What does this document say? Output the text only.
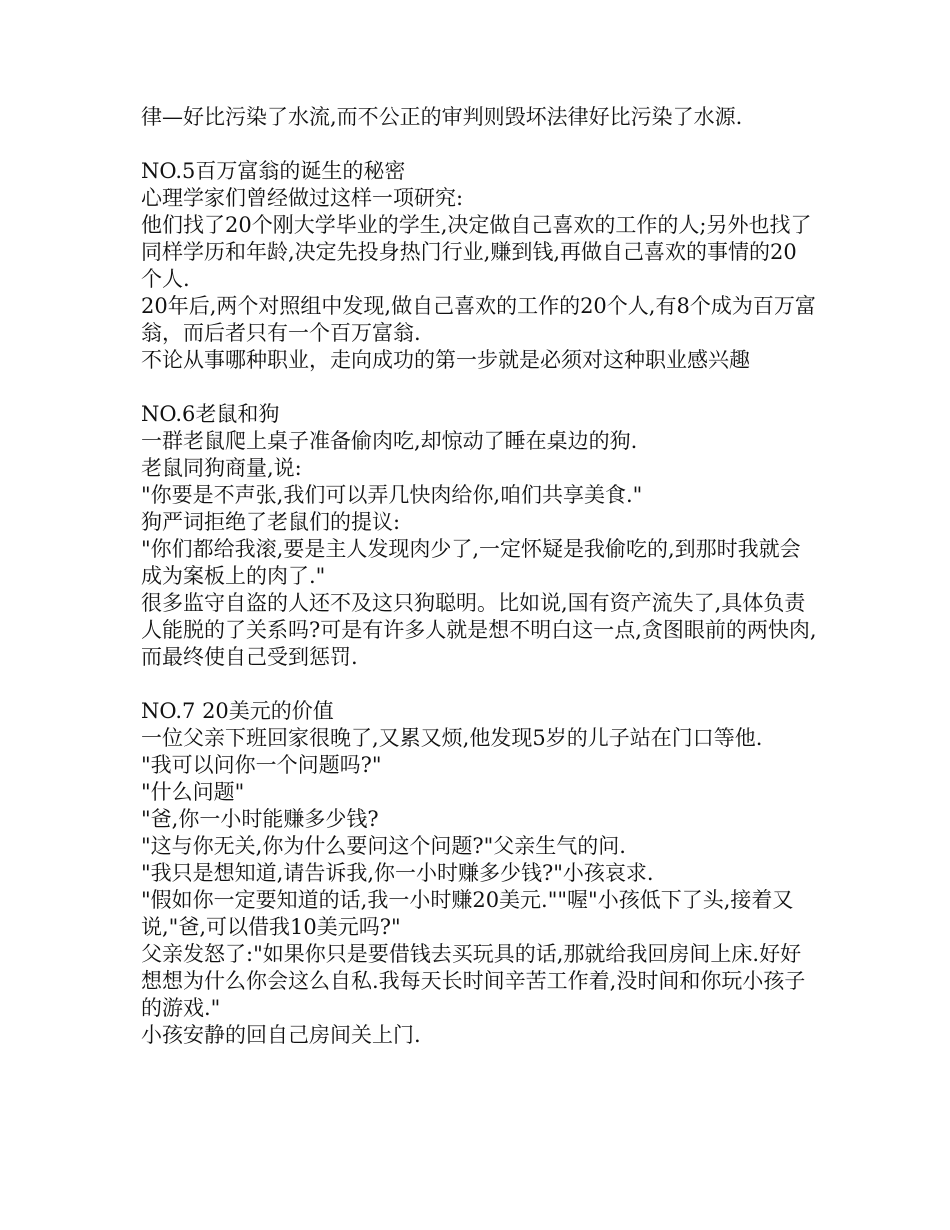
律—好比污染了水流,而不公正的审判则毁坏法律好比污染了水源.
NO.5百万富翁的诞生的秘密
心理学家们曾经做过这样一项研究:
他们找了20个刚大学毕业的学生,决定做自己喜欢的工作的人;另外也找了
同样学历和年龄,决定先投身热门行业,赚到钱,再做自己喜欢的事情的20
个人.
20年后,两个对照组中发现,做自己喜欢的工作的20个人,有8个成为百万富
翁，而后者只有一个百万富翁.
不论从事哪种职业，走向成功的第一步就是必须对这种职业感兴趣
NO.6老鼠和狗
一群老鼠爬上桌子准备偷肉吃,却惊动了睡在桌边的狗.
老鼠同狗商量,说:
"你要是不声张,我们可以弄几快肉给你,咱们共享美食."
狗严词拒绝了老鼠们的提议:
"你们都给我滚,要是主人发现肉少了,一定怀疑是我偷吃的,到那时我就会
成为案板上的肉了."
很多监守自盗的人还不及这只狗聪明。比如说,国有资产流失了,具体负责
人能脱的了关系吗?可是有许多人就是想不明白这一点,贪图眼前的两快肉,
而最终使自己受到惩罚.
NO.7 20美元的价值
一位父亲下班回家很晚了,又累又烦,他发现5岁的儿子站在门口等他.
"我可以问你一个问题吗?"
"什么问题"
"爸,你一小时能赚多少钱?
"这与你无关,你为什么要问这个问题?"父亲生气的问.
"我只是想知道,请告诉我,你一小时赚多少钱?"小孩哀求.
"假如你一定要知道的话,我一小时赚20美元.""喔"小孩低下了头,接着又
说,"爸,可以借我10美元吗?"
父亲发怒了:"如果你只是要借钱去买玩具的话,那就给我回房间上床.好好
想想为什么你会这么自私.我每天长时间辛苦工作着,没时间和你玩小孩子
的游戏."
小孩安静的回自己房间关上门.
